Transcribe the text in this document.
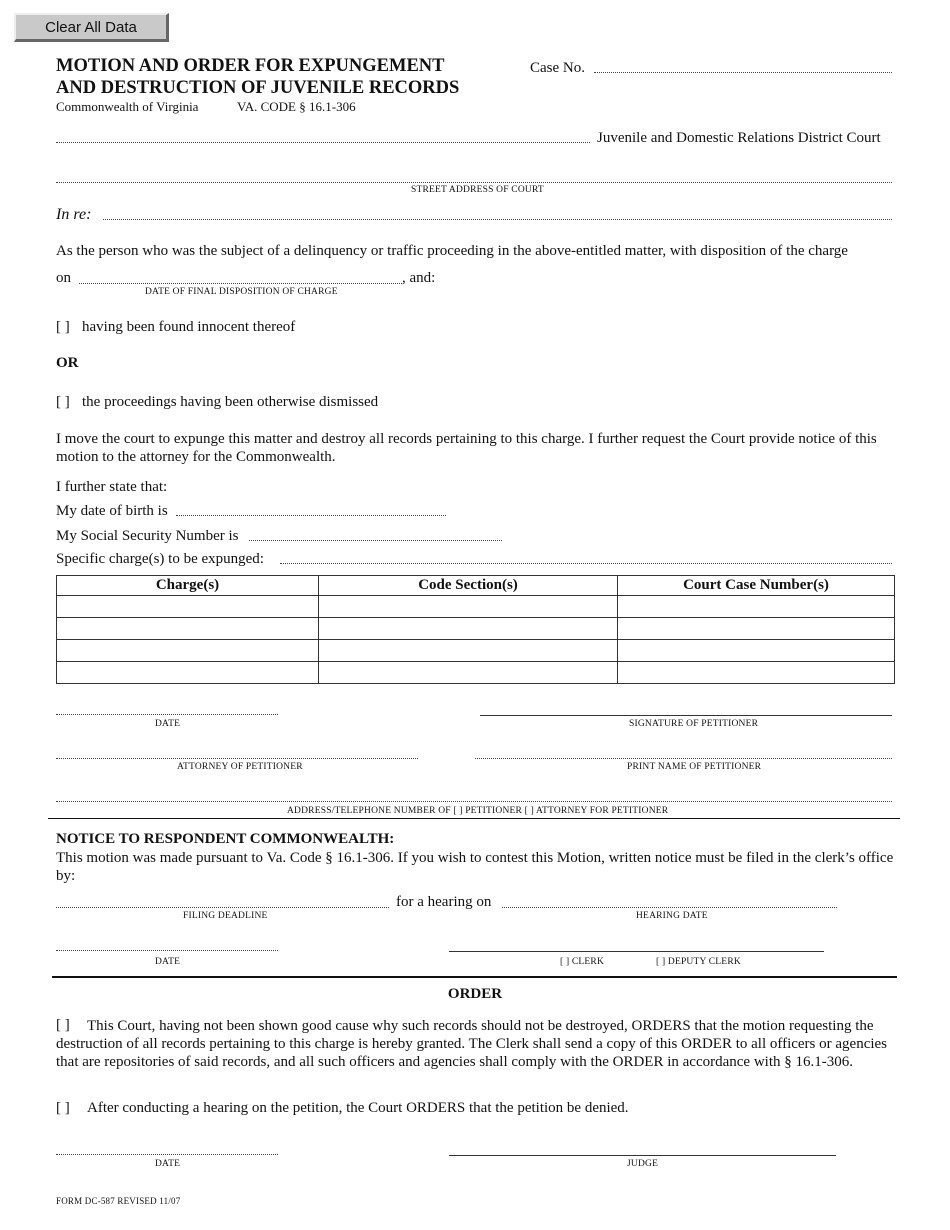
Clear All Data
MOTION AND ORDER FOR EXPUNGEMENT
AND DESTRUCTION OF JUVENILE RECORDS
Commonwealth of Virginia	VA. CODE § 16.1-306
Case No.
Juvenile and Domestic Relations District Court
STREET ADDRESS OF COURT
In re:
As the person who was the subject of a delinquency or traffic proceeding in the above-entitled matter, with disposition of the charge
on	, and:
DATE OF FINAL DISPOSITION OF CHARGE
[ ] having been found innocent thereof
OR
[ ] the proceedings having been otherwise dismissed
I move the court to expunge this matter and destroy all records pertaining to this charge. I further request the Court provide notice of this motion to the attorney for the Commonwealth.
I further state that:
My date of birth is
My Social Security Number is
Specific charge(s) to be expunged:
Charge(s)	Code Section(s)	Court Case Number(s)

DATE	SIGNATURE OF PETITIONER
ATTORNEY OF PETITIONER	PRINT NAME OF PETITIONER
ADDRESS/TELEPHONE NUMBER OF [ ] PETITIONER [ ] ATTORNEY FOR PETITIONER
NOTICE TO RESPONDENT COMMONWEALTH:
This motion was made pursuant to Va. Code § 16.1-306. If you wish to contest this Motion, written notice must be filed in the clerk’s office by:
FILING DEADLINE
for a hearing on
HEARING DATE
DATE	[ ] CLERK	[ ] DEPUTY CLERK
ORDER
[ ]	This Court, having not been shown good cause why such records should not be destroyed, ORDERS that the motion requesting the destruction of all records pertaining to this charge is hereby granted. The Clerk shall send a copy of this ORDER to all officers or agencies that are repositories of said records, and all such officers and agencies shall comply with the ORDER in accordance with § 16.1-306.
[ ] After conducting a hearing on the petition, the Court ORDERS that the petition be denied.
DATE	JUDGE
FORM DC-587 REVISED 11/07
